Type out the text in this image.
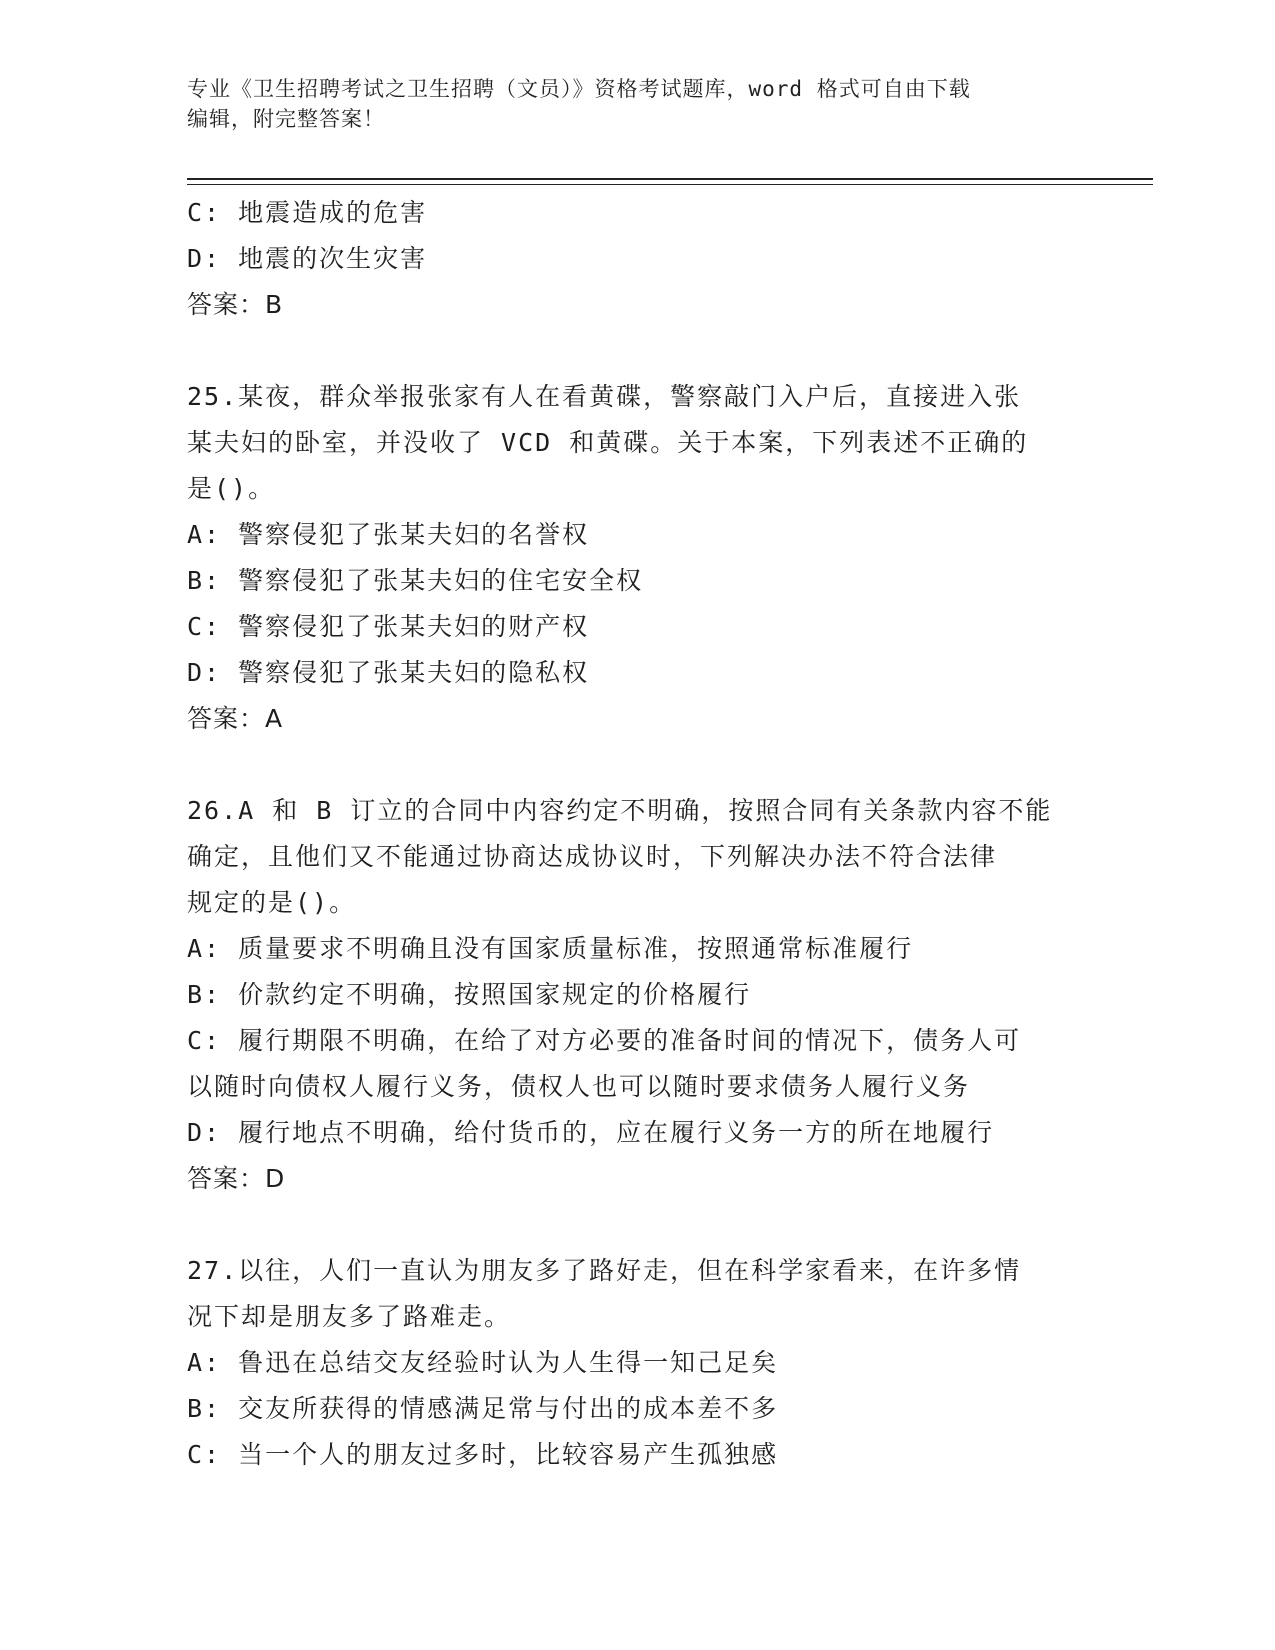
专业《卫生招聘考试之卫生招聘（文员）》资格考试题库，word 格式可自由下载
编辑，附完整答案！
C: 地震造成的危害
D: 地震的次生灾害
答案：B
25.某夜，群众举报张家有人在看黄碟，警察敲门入户后，直接进入张
某夫妇的卧室，并没收了 VCD 和黄碟。关于本案，下列表述不正确的
是()。
A: 警察侵犯了张某夫妇的名誉权
B: 警察侵犯了张某夫妇的住宅安全权
C: 警察侵犯了张某夫妇的财产权
D: 警察侵犯了张某夫妇的隐私权
答案：A
26.A 和 B 订立的合同中内容约定不明确，按照合同有关条款内容不能
确定，且他们又不能通过协商达成协议时，下列解决办法不符合法律
规定的是()。
A: 质量要求不明确且没有国家质量标准，按照通常标准履行
B: 价款约定不明确，按照国家规定的价格履行
C: 履行期限不明确，在给了对方必要的准备时间的情况下，债务人可
以随时向债权人履行义务，债权人也可以随时要求债务人履行义务
D: 履行地点不明确，给付货币的，应在履行义务一方的所在地履行
答案：D
27.以往，人们一直认为朋友多了路好走，但在科学家看来，在许多情
况下却是朋友多了路难走。
A: 鲁迅在总结交友经验时认为人生得一知己足矣
B: 交友所获得的情感满足常与付出的成本差不多
C: 当一个人的朋友过多时，比较容易产生孤独感
